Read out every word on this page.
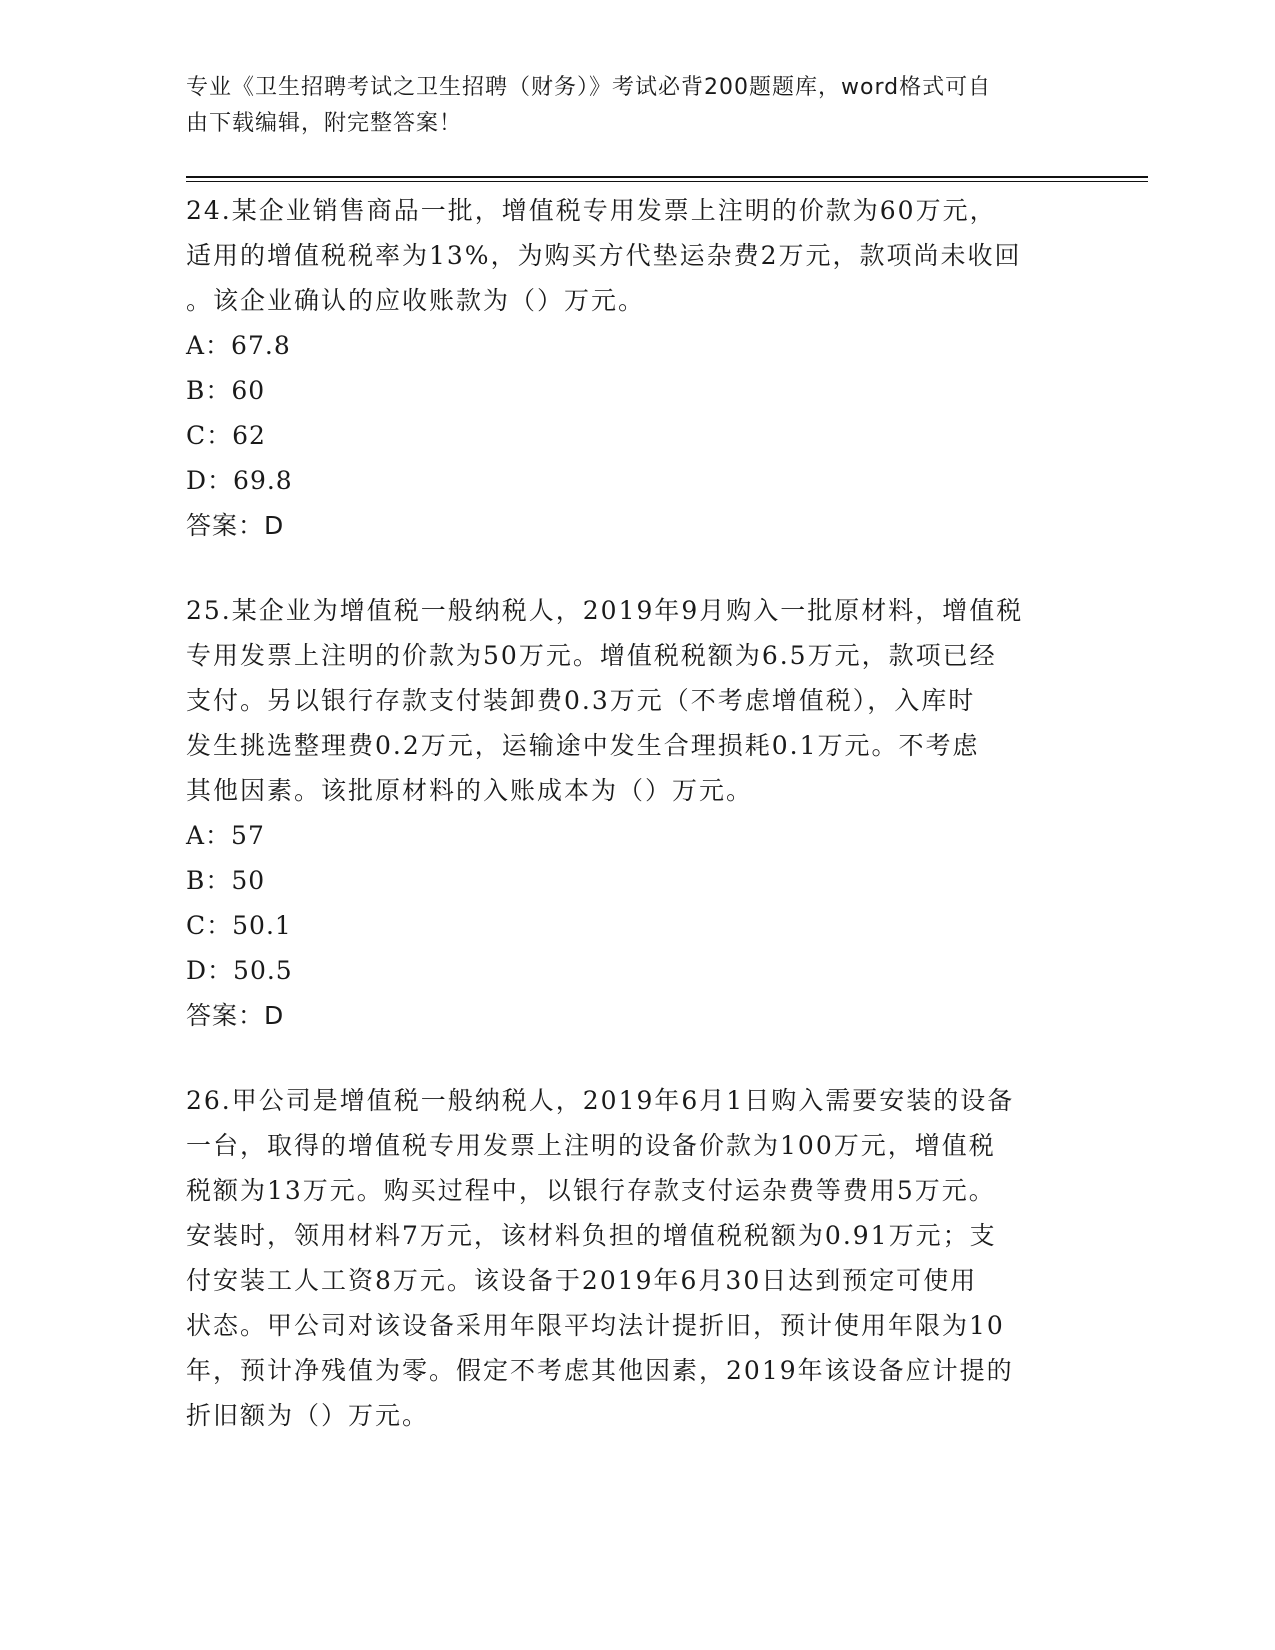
专业《卫生招聘考试之卫生招聘（财务）》考试必背200题题库，word格式可自

由下载编辑，附完整答案！

24.某企业销售商品一批，增值税专用发票上注明的价款为60万元，

适用的增值税税率为13%，为购买方代垫运杂费2万元，款项尚未收回

。该企业确认的应收账款为（）万元。

A：67.8

B：60

C：62

D：69.8

答案：D

25.某企业为增值税一般纳税人，2019年9月购入一批原材料，增值税

专用发票上注明的价款为50万元。增值税税额为6.5万元，款项已经

支付。另以银行存款支付装卸费0.3万元（不考虑增值税），入库时

发生挑选整理费0.2万元，运输途中发生合理损耗0.1万元。不考虑

其他因素。该批原材料的入账成本为（）万元。

A：57

B：50

C：50.1

D：50.5

答案：D

26.甲公司是增值税一般纳税人，2019年6月1日购入需要安装的设备

一台，取得的增值税专用发票上注明的设备价款为100万元，增值税

税额为13万元。购买过程中，以银行存款支付运杂费等费用5万元。

安装时，领用材料7万元，该材料负担的增值税税额为0.91万元；支

付安装工人工资8万元。该设备于2019年6月30日达到预定可使用

状态。甲公司对该设备采用年限平均法计提折旧，预计使用年限为10

年，预计净残值为零。假定不考虑其他因素，2019年该设备应计提的

折旧额为（）万元。
